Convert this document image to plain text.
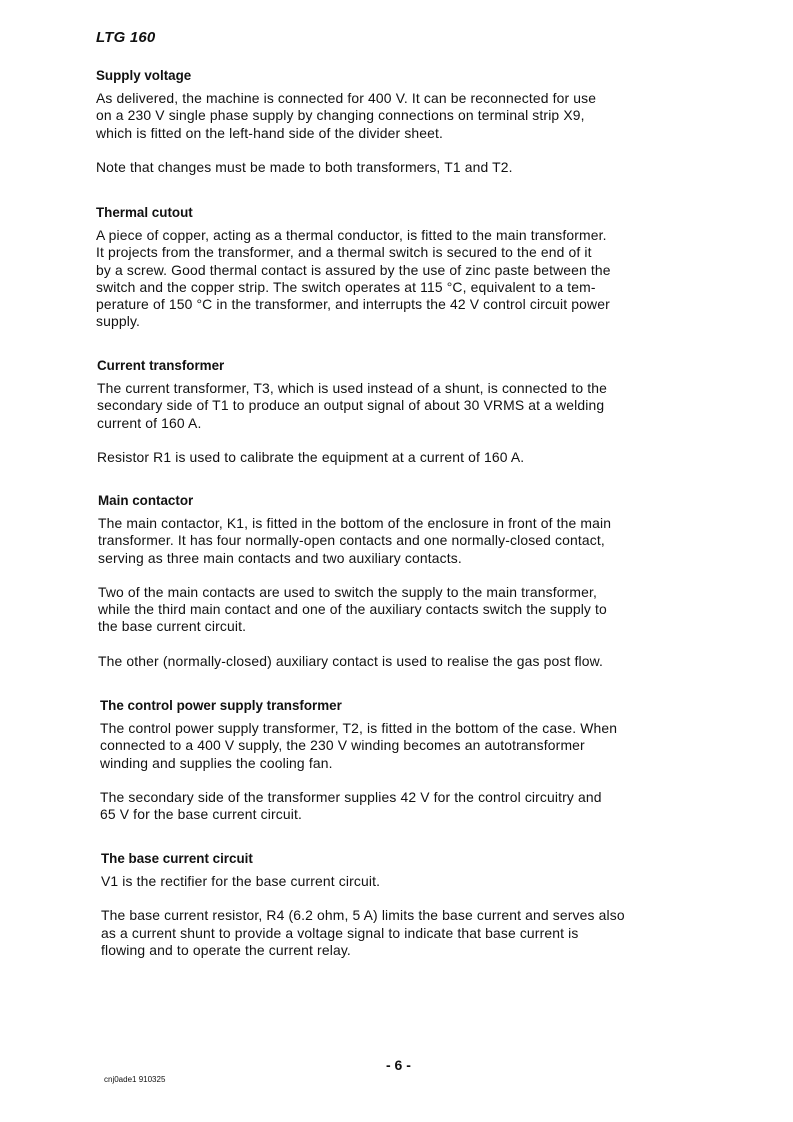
LTG 160
Supply voltage

As delivered, the machine is connected for 400 V. It can be reconnected for use
on a 230 V single phase supply by changing connections on terminal strip X9,
which is fitted on the left-hand side of the divider sheet.

Note that changes must be made to both transformers, T1 and T2.

Thermal cutout

A piece of copper, acting as a thermal conductor, is fitted to the main transformer.
It projects from the transformer, and a thermal switch is secured to the end of it
by a screw. Good thermal contact is assured by the use of zinc paste between the
switch and the copper strip. The switch operates at 115 °C, equivalent to a tem-
perature of 150 °C in the transformer, and interrupts the 42 V control circuit power
supply.

Current transformer

The current transformer, T3, which is used instead of a shunt, is connected to the
secondary side of T1 to produce an output signal of about 30 VRMS at a welding
current of 160 A.

Resistor R1 is used to calibrate the equipment at a current of 160 A.

Main contactor

The main contactor, K1, is fitted in the bottom of the enclosure in front of the main
transformer. It has four normally-open contacts and one normally-closed contact,
serving as three main contacts and two auxiliary contacts.

Two of the main contacts are used to switch the supply to the main transformer,
while the third main contact and one of the auxiliary contacts switch the supply to
the base current circuit.

The other (normally-closed) auxiliary contact is used to realise the gas post flow.

The control power supply transformer

The control power supply transformer, T2, is fitted in the bottom of the case. When
connected to a 400 V supply, the 230 V winding becomes an autotransformer
winding and supplies the cooling fan.

The secondary side of the transformer supplies 42 V for the control circuitry and
65 V for the base current circuit.

The base current circuit

V1 is the rectifier for the base current circuit.

The base current resistor, R4 (6.2 ohm, 5 A) limits the base current and serves also
as a current shunt to provide a voltage signal to indicate that base current is
flowing and to operate the current relay.

- 6 -
cnj0ade1 910325
